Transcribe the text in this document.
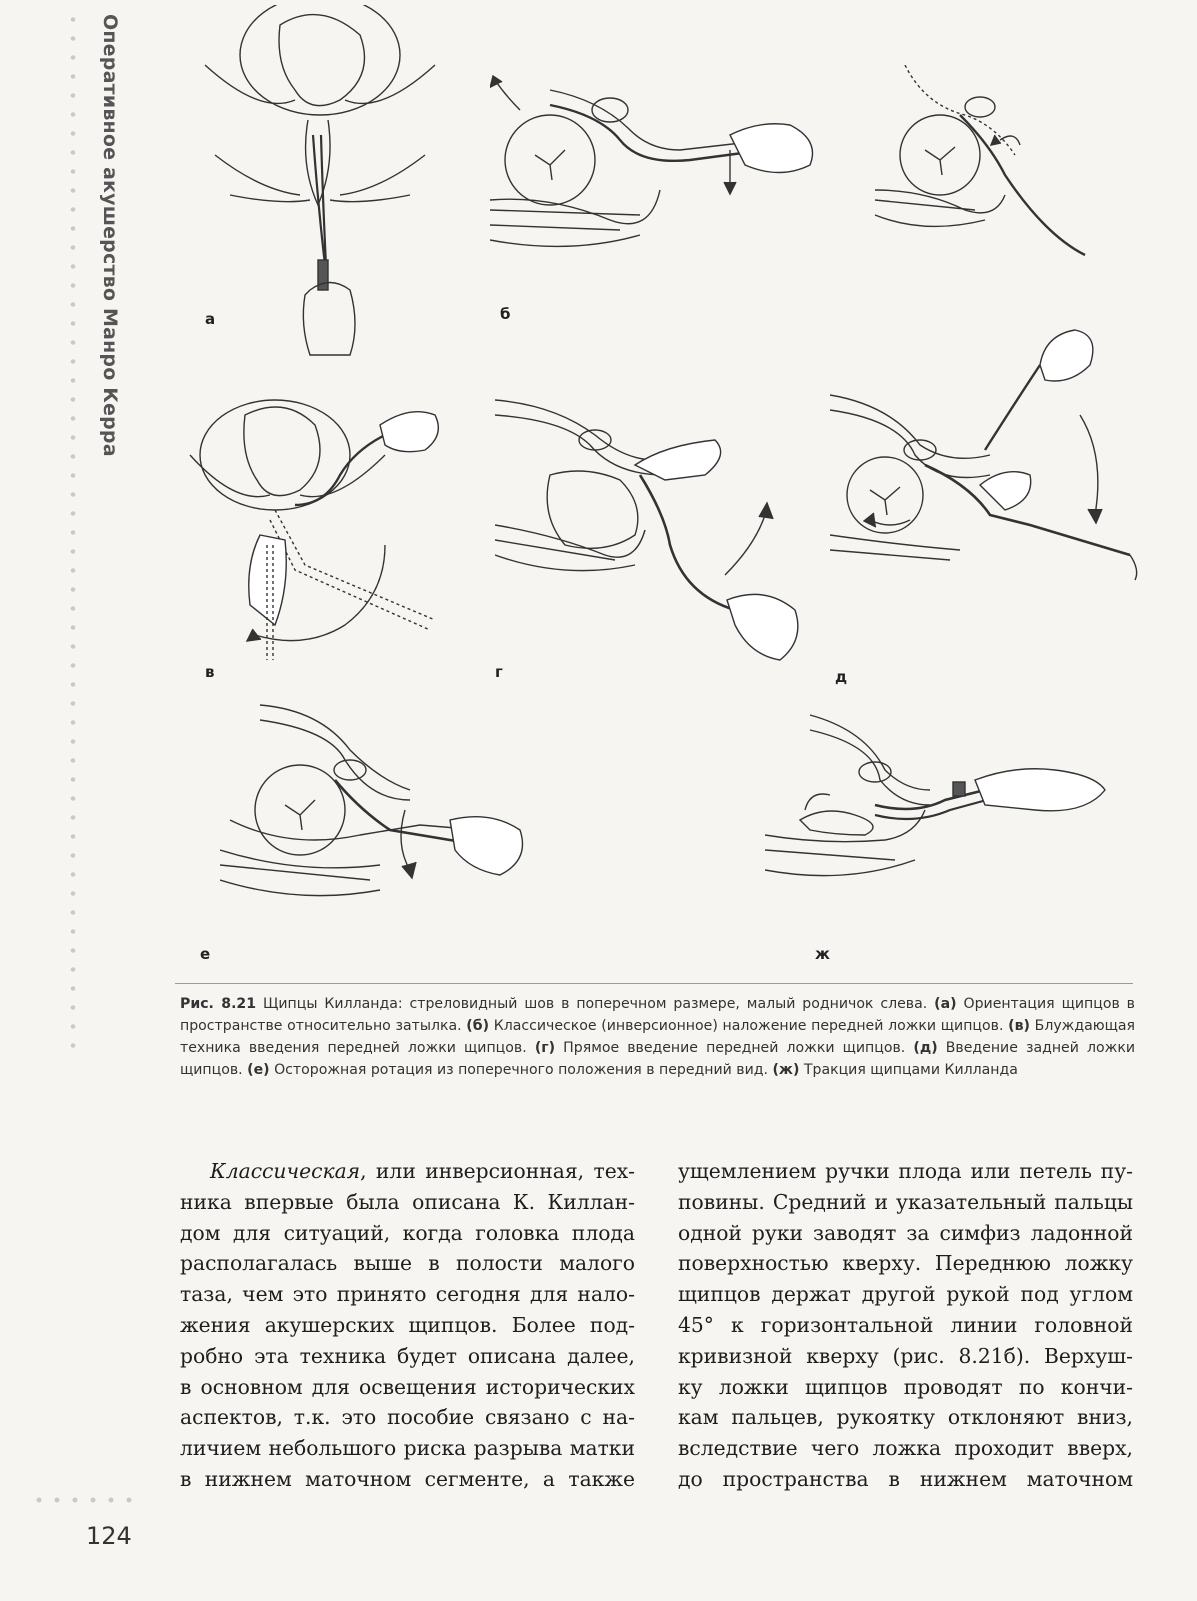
Оперативное акушерство Манро Керра
124
а	б
в	г	д
е	ж
Рис. 8.21 Щипцы Килланда: стреловидный шов в поперечном размере, малый родничок слева. (а) Ориентация щипцов в пространстве относительно затылка. (б) Классическое (инверсионное) наложение передней ложки щипцов. (в) Блуждающая техника введения передней ложки щипцов. (г) Прямое введение передней ложки щипцов. (д) Введение задней ложки щипцов. (е) Осторожная ротация из поперечного положения в передний вид. (ж) Тракция щипцами Килланда
Классическая, или инверсионная, тех-
ника впервые была описана К. Киллан-
дом для ситуаций, когда головка плода
располагалась выше в полости малого
таза, чем это принято сегодня для нало-
жения акушерских щипцов. Более под-
робно эта техника будет описана далее,
в основном для освещения исторических
аспектов, т.к. это пособие связано с на-
личием небольшого риска разрыва матки
в нижнем маточном сегменте, а также
ущемлением ручки плода или петель пу-
повины. Средний и указательный пальцы
одной руки заводят за симфиз ладонной
поверхностью кверху. Переднюю ложку
щипцов держат другой рукой под углом
45° к горизонтальной линии головной
кривизной кверху (рис. 8.21б). Верхуш-
ку ложки щипцов проводят по кончи-
кам пальцев, рукоятку отклоняют вниз,
вследствие чего ложка проходит вверх,
до пространства в нижнем маточном
